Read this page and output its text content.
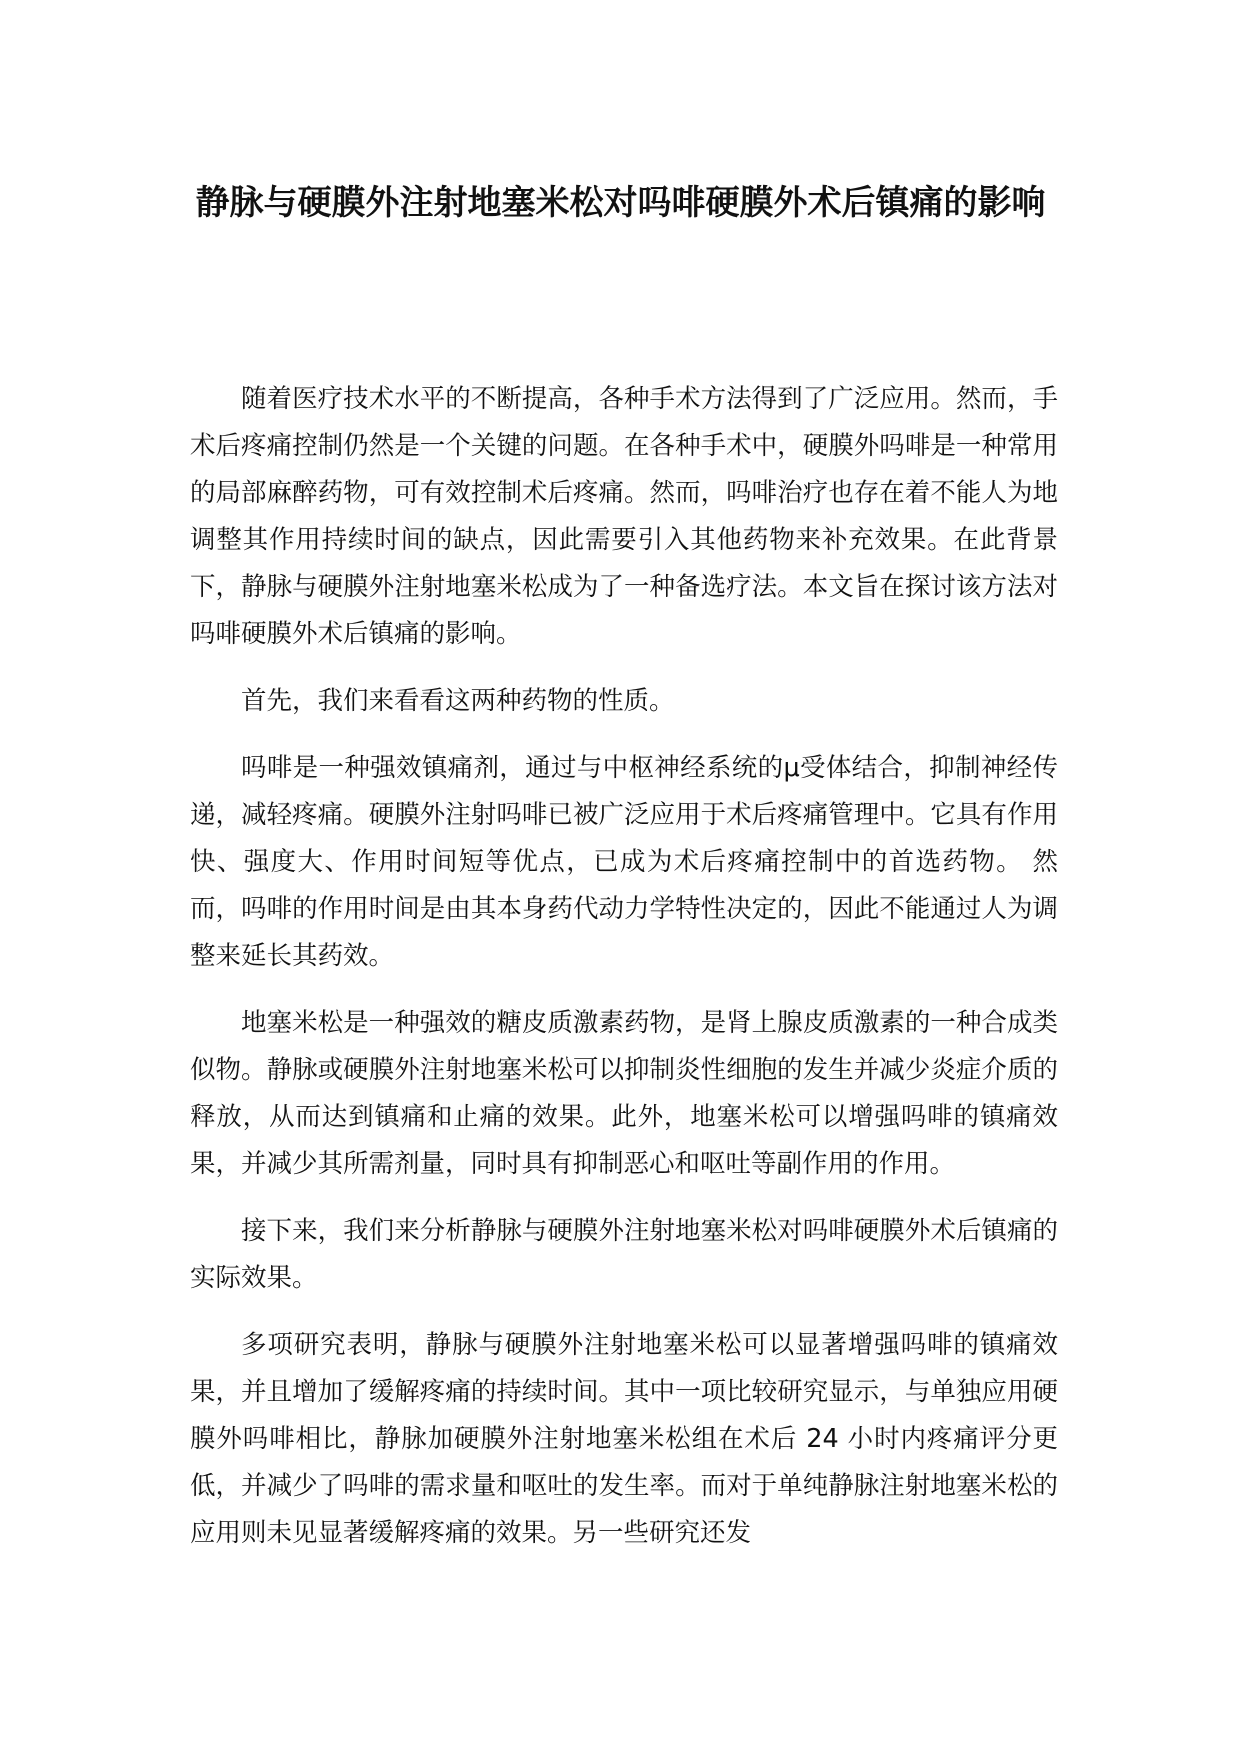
静脉与硬膜外注射地塞米松对吗啡硬膜外术后镇痛的影响

随着医疗技术水平的不断提高，各种手术方法得到了广泛应用。然而，手术后疼痛控制仍然是一个关键的问题。在各种手术中，硬膜外吗啡是一种常用的局部麻醉药物，可有效控制术后疼痛。然而，吗啡治疗也存在着不能人为地调整其作用持续时间的缺点，因此需要引入其他药物来补充效果。在此背景下，静脉与硬膜外注射地塞米松成为了一种备选疗法。本文旨在探讨该方法对吗啡硬膜外术后镇痛的影响。

首先，我们来看看这两种药物的性质。

吗啡是一种强效镇痛剂，通过与中枢神经系统的μ受体结合，抑制神经传递，减轻疼痛。硬膜外注射吗啡已被广泛应用于术后疼痛管理中。它具有作用快、强度大、作用时间短等优点，已成为术后疼痛控制中的首选药物。 然而，吗啡的作用时间是由其本身药代动力学特性决定的，因此不能通过人为调整来延长其药效。

地塞米松是一种强效的糖皮质激素药物，是肾上腺皮质激素的一种合成类似物。静脉或硬膜外注射地塞米松可以抑制炎性细胞的发生并减少炎症介质的释放，从而达到镇痛和止痛的效果。此外，地塞米松可以增强吗啡的镇痛效果，并减少其所需剂量，同时具有抑制恶心和呕吐等副作用的作用。

接下来，我们来分析静脉与硬膜外注射地塞米松对吗啡硬膜外术后镇痛的实际效果。

多项研究表明，静脉与硬膜外注射地塞米松可以显著增强吗啡的镇痛效果，并且增加了缓解疼痛的持续时间。其中一项比较研究显示，与单独应用硬膜外吗啡相比，静脉加硬膜外注射地塞米松组在术后 24 小时内疼痛评分更低，并减少了吗啡的需求量和呕吐的发生率。而对于单纯静脉注射地塞米松的应用则未见显著缓解疼痛的效果。另一些研究还发
